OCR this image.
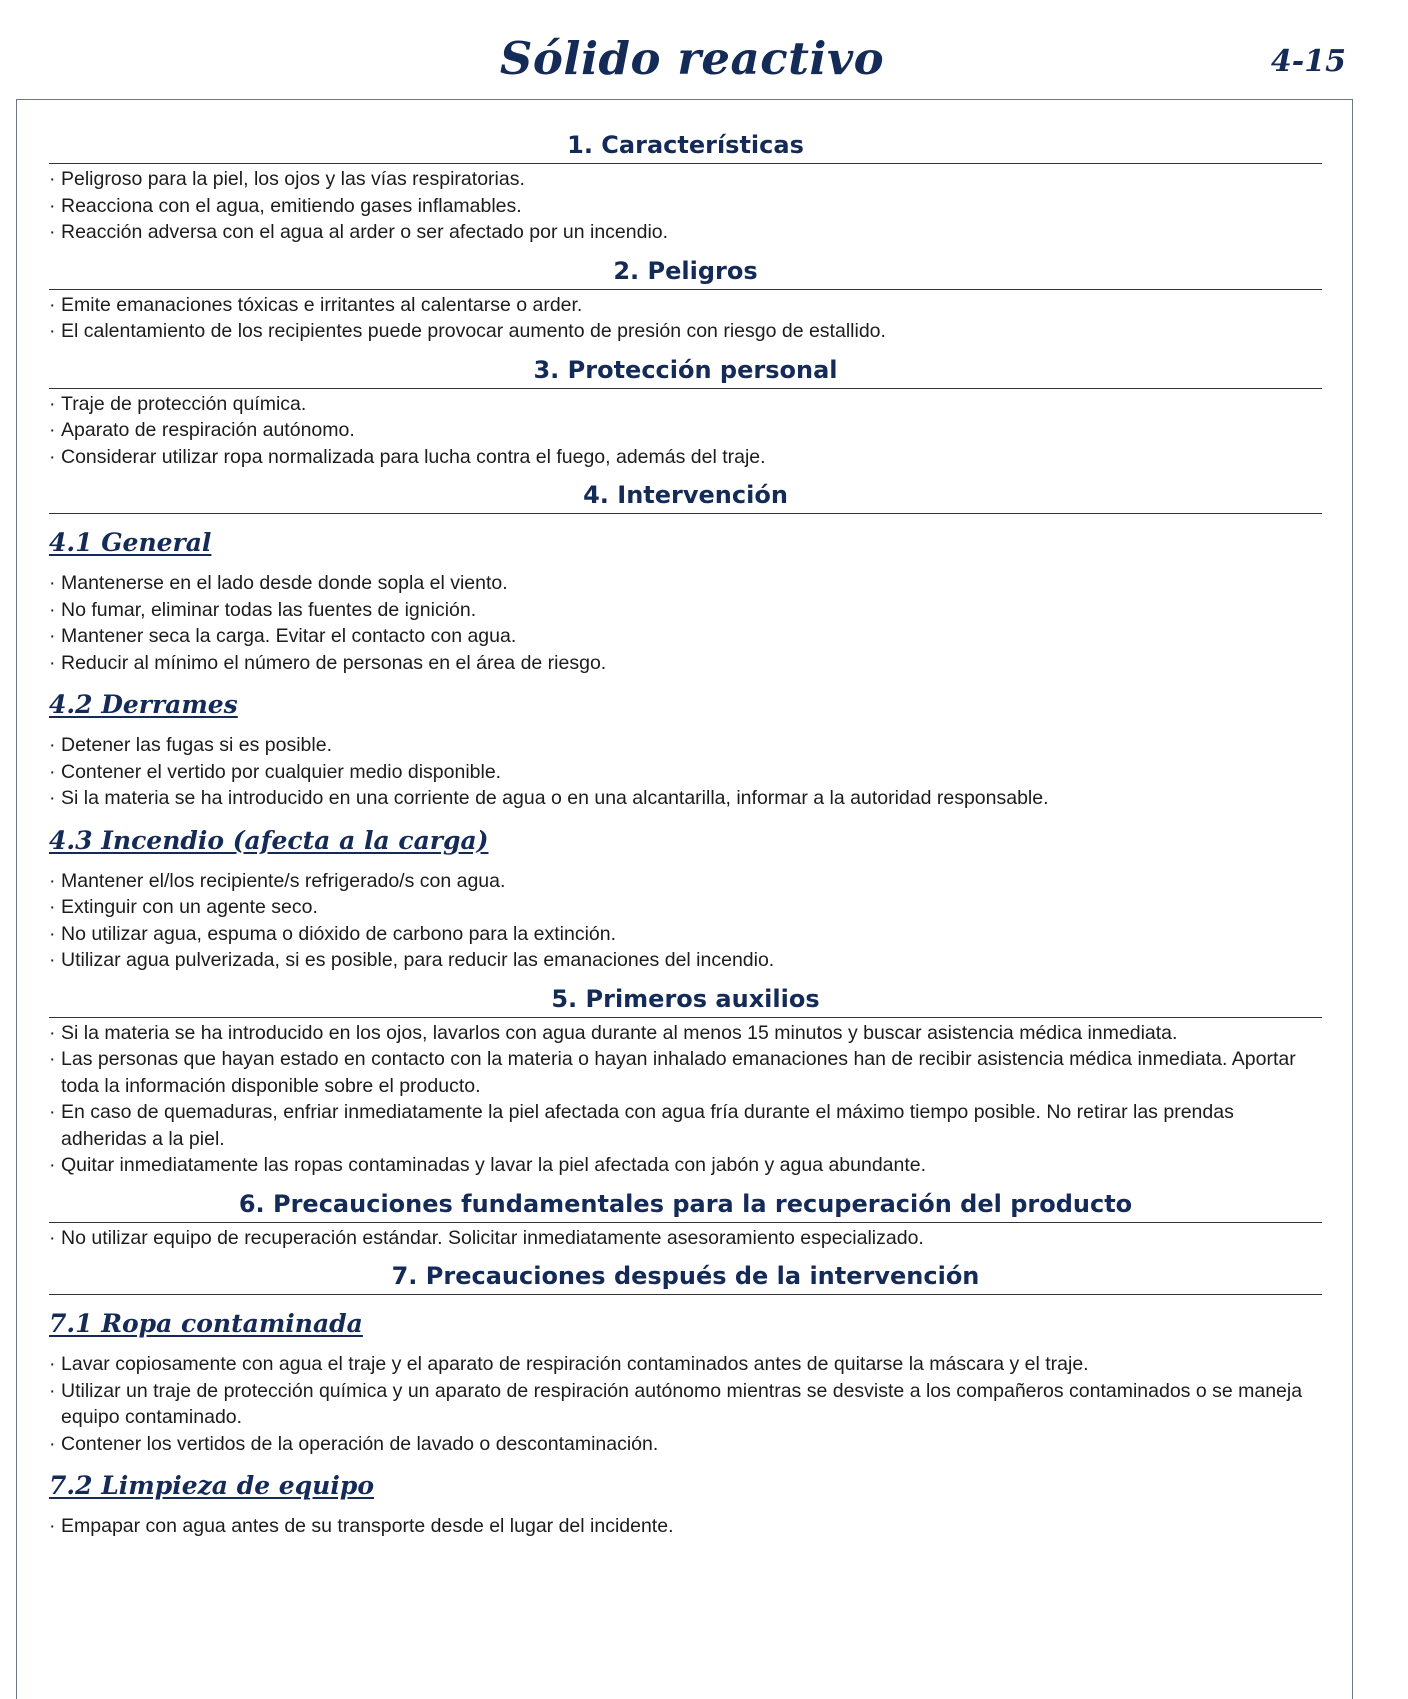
Sólido reactivo	4-15
1. Características
· Peligroso para la piel, los ojos y las vías respiratorias.
· Reacciona con el agua, emitiendo gases inflamables.
· Reacción adversa con el agua al arder o ser afectado por un incendio.
2. Peligros
· Emite emanaciones tóxicas e irritantes al calentarse o arder.
· El calentamiento de los recipientes puede provocar aumento de presión con riesgo de estallido.
3. Protección personal
· Traje de protección química.
· Aparato de respiración autónomo.
· Considerar utilizar ropa normalizada para lucha contra el fuego, además del traje.
4. Intervención
4.1 General
· Mantenerse en el lado desde donde sopla el viento.
· No fumar, eliminar todas las fuentes de ignición.
· Mantener seca la carga. Evitar el contacto con agua.
· Reducir al mínimo el número de personas en el área de riesgo.
4.2 Derrames
· Detener las fugas si es posible.
· Contener el vertido por cualquier medio disponible.
· Si la materia se ha introducido en una corriente de agua o en una alcantarilla, informar a la autoridad responsable.
4.3 Incendio (afecta a la carga)
· Mantener el/los recipiente/s refrigerado/s con agua.
· Extinguir con un agente seco.
· No utilizar agua, espuma o dióxido de carbono para la extinción.
· Utilizar agua pulverizada, si es posible, para reducir las emanaciones del incendio.
5. Primeros auxilios
· Si la materia se ha introducido en los ojos, lavarlos con agua durante al menos 15 minutos y buscar asistencia médica inmediata.
· Las personas que hayan estado en contacto con la materia o hayan inhalado emanaciones han de recibir asistencia médica inmediata. Aportar toda la información disponible sobre el producto.
· En caso de quemaduras, enfriar inmediatamente la piel afectada con agua fría durante el máximo tiempo posible. No retirar las prendas adheridas a la piel.
· Quitar inmediatamente las ropas contaminadas y lavar la piel afectada con jabón y agua abundante.
6. Precauciones fundamentales para la recuperación del producto
· No utilizar equipo de recuperación estándar. Solicitar inmediatamente asesoramiento especializado.
7. Precauciones después de la intervención
7.1 Ropa contaminada
· Lavar copiosamente con agua el traje y el aparato de respiración contaminados antes de quitarse la máscara y el traje.
· Utilizar un traje de protección química y un aparato de respiración autónomo mientras se desviste a los compañeros contaminados o se maneja equipo contaminado.
· Contener los vertidos de la operación de lavado o descontaminación.
7.2 Limpieza de equipo
· Empapar con agua antes de su transporte desde el lugar del incidente.
